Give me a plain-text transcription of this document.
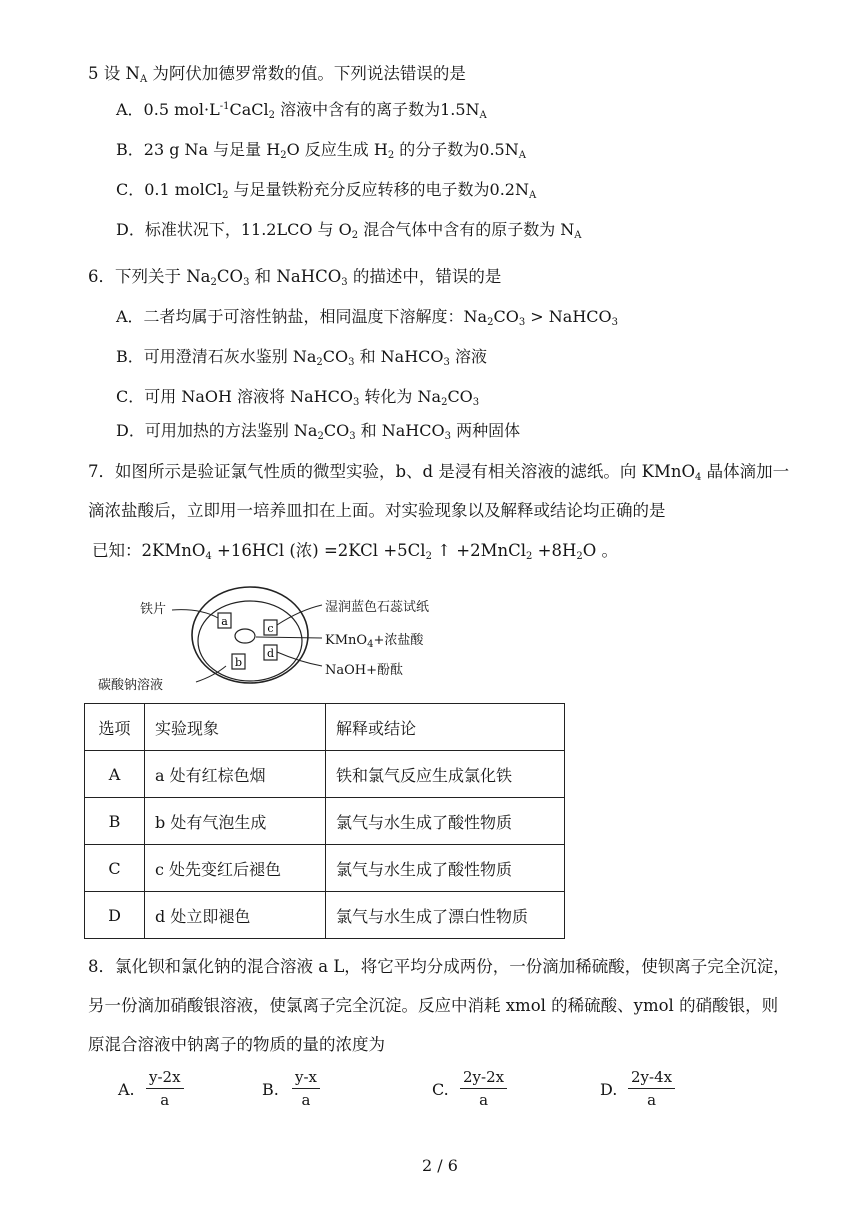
5 设 $N_A$ 为阿伏加德罗常数的值。下列说法错误的是
A．0.5 $mol\cdot L^{-1}CaCl_2$ 溶液中含有的离子数为$1.5N_A$
B．23 g Na 与足量 $H_2O$ 反应生成 $H_2$ 的分子数为$0.5N_A$
C．0.1 molCl$_2$ 与足量铁粉充分反应转移的电子数为$0.2N_A$
D．标准状况下，11.2LCO 与 $O_2$ 混合气体中含有的原子数为 $N_A$
6．下列关于 $Na_2CO_3$ 和 NaHCO$_3$ 的描述中，错误的是
A．二者均属于可溶性钠盐，相同温度下溶解度：$Na_2CO_3$ > NaHCO$_3$
B．可用澄清石灰水鉴别 $Na_2CO_3$ 和 NaHCO$_3$ 溶液
C．可用 NaOH 溶液将 NaHCO$_3$ 转化为 $Na_2CO_3$
D．可用加热的方法鉴别 $Na_2CO_3$ 和 NaHCO$_3$ 两种固体
7．如图所示是验证氯气性质的微型实验，b、d 是浸有相关溶液的滤纸。向 KMnO$_4$ 晶体滴加一
滴浓盐酸后，立即用一培养皿扣在上面。对实验现象以及解释或结论均正确的是
已知：2KMnO$_4$ +16HCl (浓) $=2KCl +5Cl_2$ ↑ +2MnCl$_2$ $+8H_2O$ 。
a
c
b
d
铁片	湿润蓝色石蕊试纸
KMnO$_4$+浓盐酸
NaOH+酚酞
碳酸钠溶液
选项	实验现象	解释或结论
A	a 处有红棕色烟	铁和氯气反应生成氯化铁
B	b 处有气泡生成	氯气与水生成了酸性物质
C	c 处先变红后褪色	氯气与水生成了酸性物质
D	d 处立即褪色	氯气与水生成了漂白性物质
8．氯化钡和氯化钠的混合溶液 a L，将它平均分成两份，一份滴加稀硫酸，使钡离子完全沉淀，
另一份滴加硝酸银溶液，使氯离子完全沉淀。反应中消耗 xmol 的稀硫酸、ymol 的硝酸银，则
原混合溶液中钠离子的物质的量的浓度为
A. $\frac{y-2x}{a}$	B. $\frac{y-x}{a}$	C. $\frac{2y-2x}{a}$	D. $\frac{2y-4x}{a}$
2 / 6
